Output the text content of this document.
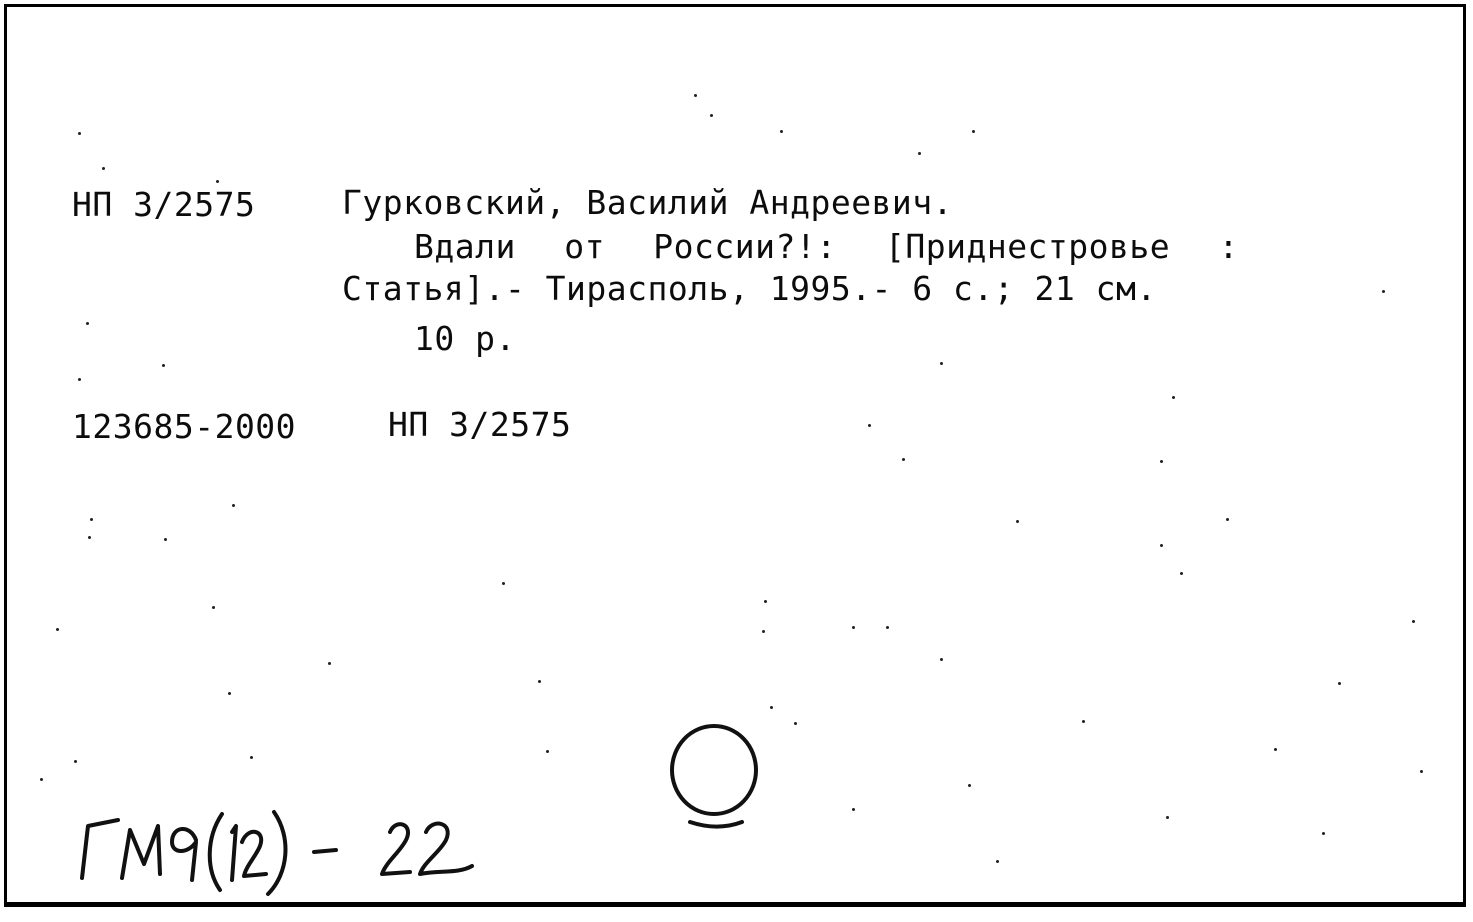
НП 3/2575	Гурковский, Василий Андреевич.
Вдали от России?!: [Приднестровье :
Статья].- Тирасполь, 1995.- 6 с.; 21 см.
10 р.
123685-2000	НП 3/2575
